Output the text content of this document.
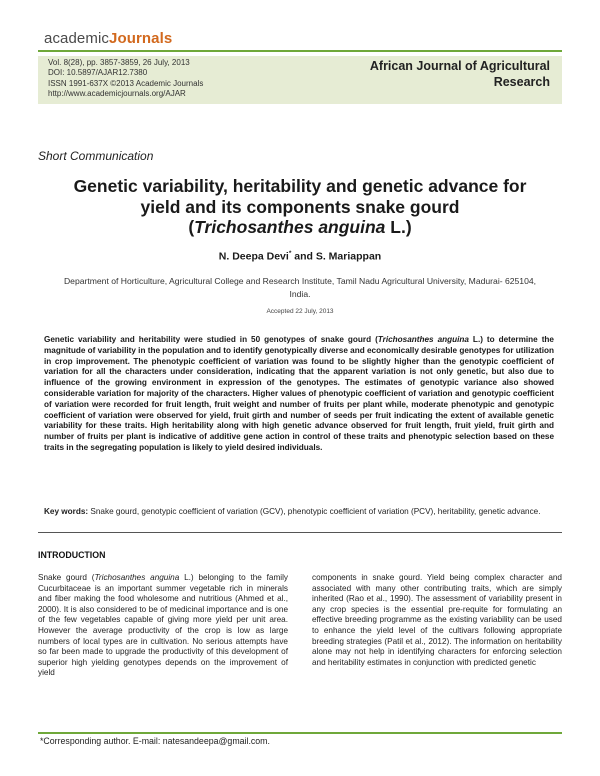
academicJournals
Vol. 8(28), pp. 3857-3859, 26 July, 2013
DOI: 10.5897/AJAR12.7380
ISSN 1991-637X ©2013 Academic Journals
http://www.academicjournals.org/AJAR
African Journal of Agricultural Research
Short Communication
Genetic variability, heritability and genetic advance for
yield and its components snake gourd
(Trichosanthes anguina L.)
N. Deepa Devi* and S. Mariappan
Department of Horticulture, Agricultural College and Research Institute, Tamil Nadu Agricultural University, Madurai- 625104, India.
Accepted 22 July, 2013
Genetic variability and heritability were studied in 50 genotypes of snake gourd (Trichosanthes anguina L.) to determine the magnitude of variability in the population and to identify genotypically diverse and economically desirable genotypes for utilization in crop improvement. The phenotypic coefficient of variation was found to be slightly higher than the genotypic coefficient of variation for all the characters under consideration, indicating that the apparent variation is not only genetic, but also due to influence of the growing environment in expression of the genotypes. The estimates of genotypic variance also showed considerable variation for majority of the characters. Higher values of phenotypic coefficient of variation and genotypic coefficient of variation were recorded for fruit length, fruit weight and number of fruits per plant while, moderate phenotypic and genotypic coefficient of variation were observed for yield, fruit girth and number of seeds per fruit indicating the extent of available genetic variability for these traits. High heritability along with high genetic advance observed for fruit length, fruit yield, fruit girth and number of fruits per plant is indicative of additive gene action in control of these traits and phenotypic selection based on these traits in the segregating population is likely to yield desired individuals.
Key words: Snake gourd, genotypic coefficient of variation (GCV), phenotypic coefficient of variation (PCV), heritability, genetic advance.
INTRODUCTION
Snake gourd (Trichosanthes anguina L.) belonging to the family Cucurbitaceae is an important summer vegetable rich in minerals and fiber making the food wholesome and nutritious (Ahmed et al., 2000). It is also considered to be of medicinal importance and is one of the few vegetables capable of giving more yield per unit area. However the average productivity of the crop is low as large numbers of local types are in cultivation. No serious attempts have so far been made to upgrade the productivity of this development of superior high yielding genotypes depends on the improvement of yield
components in snake gourd. Yield being complex character and associated with many other contributing traits, which are simply inherited (Rao et al., 1990). The assessment of variability present in any crop species is the essential pre-requite for formulating an effective breeding programme as the existing variability can be used to enhance the yield level of the cultivars following appropriate breeding strategies (Patil et al., 2012). The information on heritability alone may not help in identifying characters for enforcing selection and heritability estimates in conjunction with predicted genetic
*Corresponding author. E-mail: natesandeepa@gmail.com.
